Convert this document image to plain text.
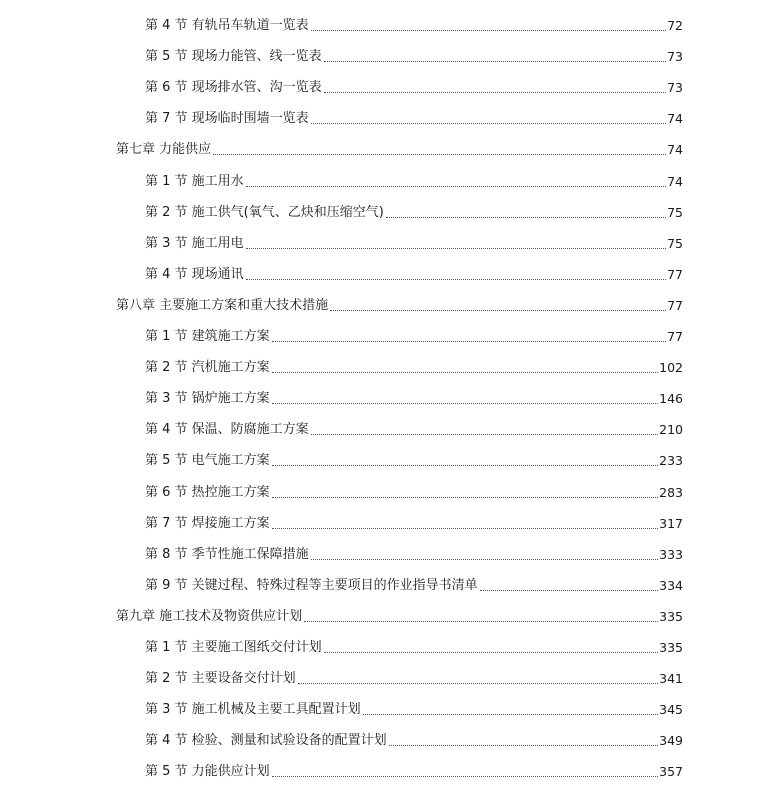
第 4 节 有轨吊车轨道一览表	72
第 5 节 现场力能管、线一览表	73
第 6 节 现场排水管、沟一览表	73
第 7 节 现场临时围墙一览表	74
第七章 力能供应	74
第 1 节 施工用水	74
第 2 节 施工供气(氧气、乙炔和压缩空气)	75
第 3 节 施工用电	75
第 4 节 现场通讯	77
第八章 主要施工方案和重大技术措施	77
第 1 节 建筑施工方案	77
第 2 节 汽机施工方案	102
第 3 节 锅炉施工方案	146
第 4 节 保温、防腐施工方案	210
第 5 节 电气施工方案	233
第 6 节 热控施工方案	283
第 7 节 焊接施工方案	317
第 8 节 季节性施工保障措施	333
第 9 节 关键过程、特殊过程等主要项目的作业指导书清单	334
第九章 施工技术及物资供应计划	335
第 1 节 主要施工图纸交付计划	335
第 2 节 主要设备交付计划	341
第 3 节 施工机械及主要工具配置计划	345
第 4 节 检验、测量和试验设备的配置计划	349
第 5 节 力能供应计划	357
